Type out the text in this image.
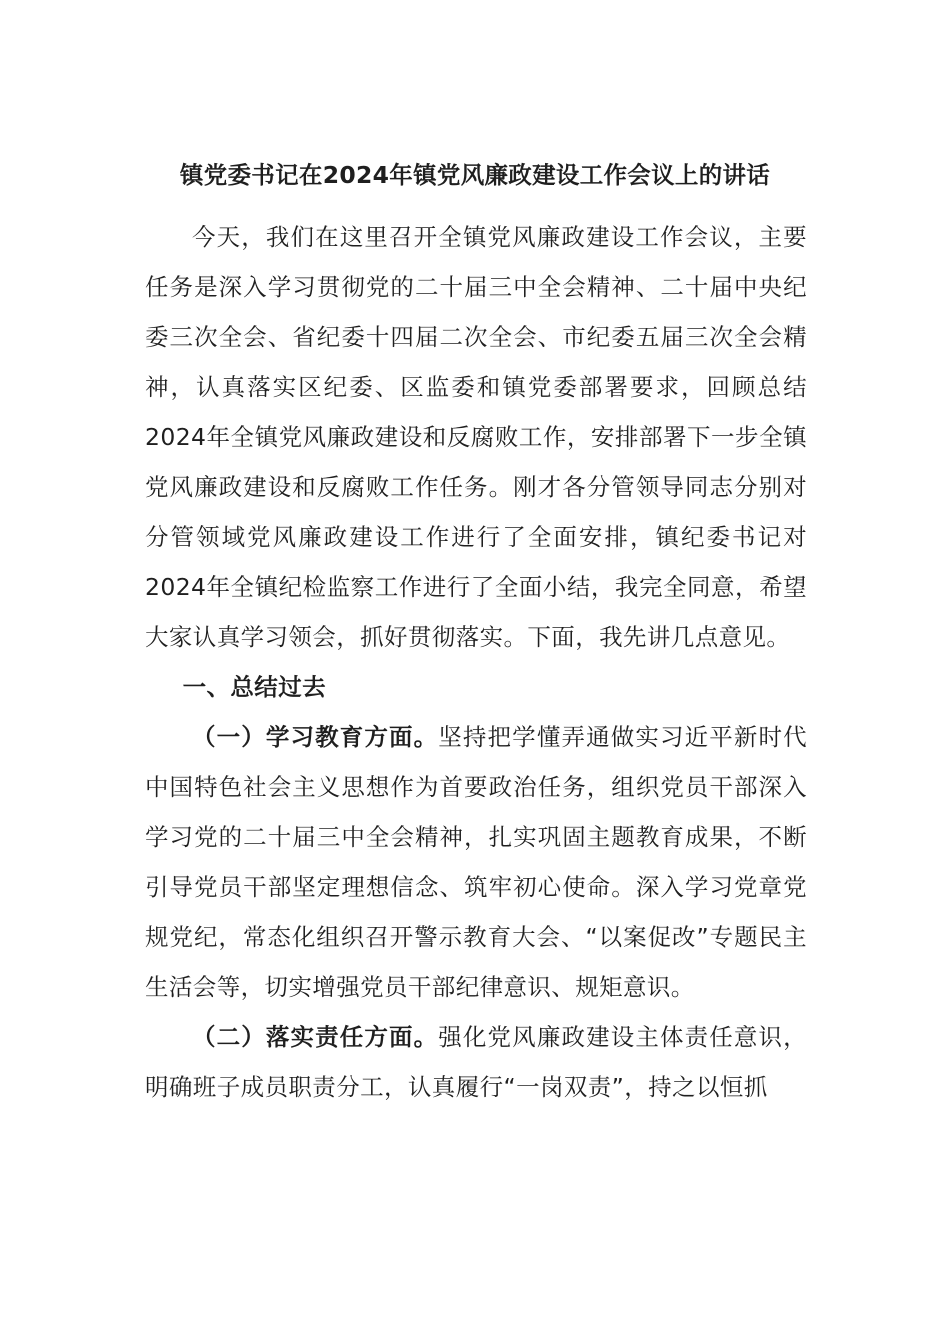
镇党委书记在2024年镇党风廉政建设工作会议上的讲话

今天，我们在这里召开全镇党风廉政建设工作会议，主要任务是深入学习贯彻党的二十届三中全会精神、二十届中央纪委三次全会、省纪委十四届二次全会、市纪委五届三次全会精神，认真落实区纪委、区监委和镇党委部署要求，回顾总结2024年全镇党风廉政建设和反腐败工作，安排部署下一步全镇党风廉政建设和反腐败工作任务。刚才各分管领导同志分别对分管领域党风廉政建设工作进行了全面安排，镇纪委书记对2024年全镇纪检监察工作进行了全面小结，我完全同意，希望大家认真学习领会，抓好贯彻落实。下面，我先讲几点意见。

一、总结过去

（一）学习教育方面。坚持把学懂弄通做实习近平新时代中国特色社会主义思想作为首要政治任务，组织党员干部深入学习党的二十届三中全会精神，扎实巩固主题教育成果，不断引导党员干部坚定理想信念、筑牢初心使命。深入学习党章党规党纪，常态化组织召开警示教育大会、“以案促改”专题民主生活会等，切实增强党员干部纪律意识、规矩意识。

（二）落实责任方面。强化党风廉政建设主体责任意识，明确班子成员职责分工，认真履行“一岗双责”，持之以恒抓
